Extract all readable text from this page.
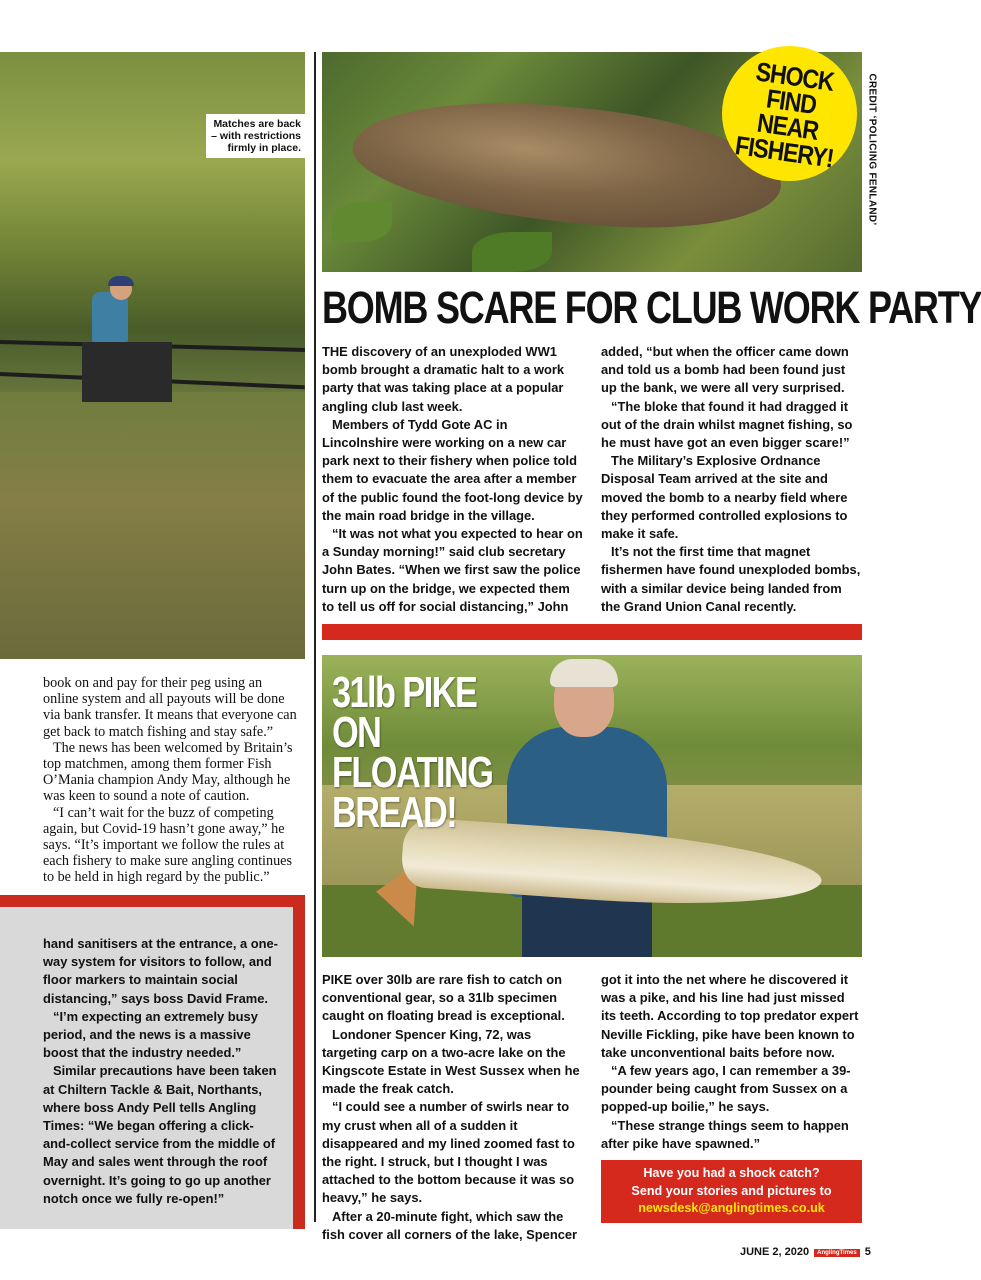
Matches are back – with restrictions firmly in place.

book on and pay for their peg using an online system and all payouts will be done via bank transfer. It means that everyone can get back to match fishing and stay safe.”

The news has been welcomed by Britain’s top matchmen, among them former Fish O’Mania champion Andy May, although he was keen to sound a note of caution.

“I can’t wait for the buzz of competing again, but Covid-19 hasn’t gone away,” he says. “It’s important we follow the rules at each fishery to make sure angling continues to be held in high regard by the public.”

hand sanitisers at the entrance, a one-way system for visitors to follow, and floor markers to maintain social distancing,” says boss David Frame.

“I’m expecting an extremely busy period, and the news is a massive boost that the industry needed.”

Similar precautions have been taken at Chiltern Tackle & Bait, Northants, where boss Andy Pell tells Angling Times: “We began offering a click-and-collect service from the middle of May and sales went through the roof overnight. It’s going to go up another notch once we fully re-open!”

CREDIT ‘POLICING FENLAND’
SHOCK FIND NEAR FISHERY!
BOMB SCARE FOR CLUB WORK PARTY

THE discovery of an unexploded WW1 bomb brought a dramatic halt to a work party that was taking place at a popular angling club last week.

Members of Tydd Gote AC in Lincolnshire were working on a new car park next to their fishery when police told them to evacuate the area after a member of the public found the foot-long device by the main road bridge in the village.

“It was not what you expected to hear on a Sunday morning!” said club secretary John Bates. “When we first saw the police turn up on the bridge, we expected them to tell us off for social distancing,” John

added, “but when the officer came down and told us a bomb had been found just up the bank, we were all very surprised.

“The bloke that found it had dragged it out of the drain whilst magnet fishing, so he must have got an even bigger scare!”

The Military’s Explosive Ordnance Disposal Team arrived at the site and moved the bomb to a nearby field where they performed controlled explosions to make it safe.

It’s not the first time that magnet fishermen have found unexploded bombs, with a similar device being landed from the Grand Union Canal recently.

31lb PIKE ON FLOATING BREAD!

PIKE over 30lb are rare fish to catch on conventional gear, so a 31lb specimen caught on floating bread is exceptional.

Londoner Spencer King, 72, was targeting carp on a two-acre lake on the Kingscote Estate in West Sussex when he made the freak catch.

“I could see a number of swirls near to my crust when all of a sudden it disappeared and my lined zoomed fast to the right. I struck, but I thought I was attached to the bottom because it was so heavy,” he says.

After a 20-minute fight, which saw the fish cover all corners of the lake, Spencer

got it into the net where he discovered it was a pike, and his line had just missed its teeth. According to top predator expert Neville Fickling, pike have been known to take unconventional baits before now.

“A few years ago, I can remember a 39-pounder being caught from Sussex on a popped-up boilie,” he says.

“These strange things seem to happen after pike have spawned.”

Have you had a shock catch?
Send your stories and pictures to
newsdesk@anglingtimes.co.uk
JUNE 2, 2020 AnglingTimes 5
